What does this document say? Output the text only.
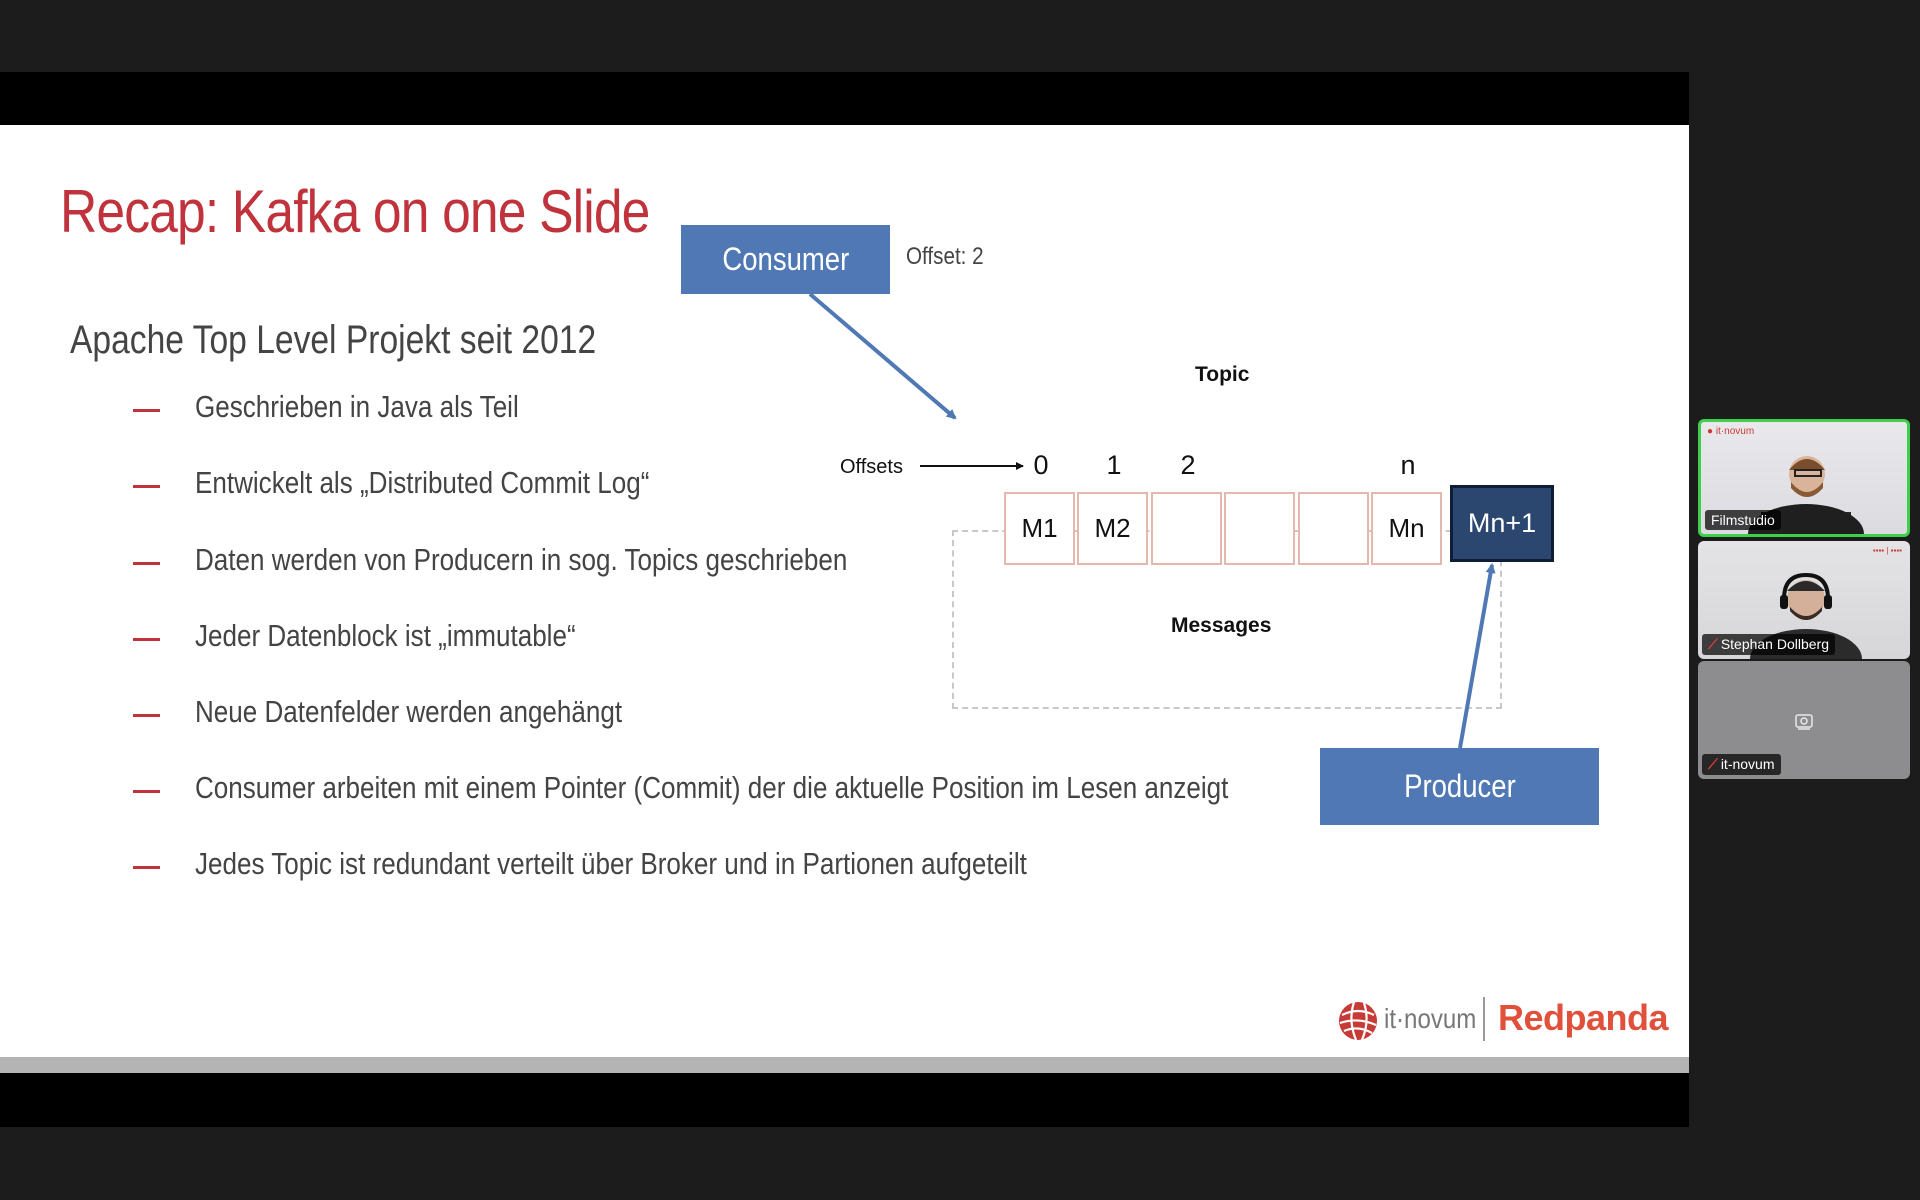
Recap: Kafka on one Slide
Apache Top Level Projekt seit 2012
Geschrieben in Java als Teil
Entwickelt als „Distributed Commit Log“
Daten werden von Producern in sog. Topics geschrieben
Jeder Datenblock ist „immutable“
Neue Datenfelder werden angehängt
Consumer arbeiten mit einem Pointer (Commit) der die aktuelle Position im Lesen anzeigt
Jedes Topic ist redundant verteilt über Broker und in Partionen aufgeteilt
Consumer Offset: 2
Topic
Offsets	0	1	2	n
M1	M2	Mn	Mn+1
Messages
Producer
it·novum Redpanda
● it·novum
Filmstudio
▪▪▪▪ | ▪▪▪▪
⟋ Stephan Dollberg
⟋ it-novum
